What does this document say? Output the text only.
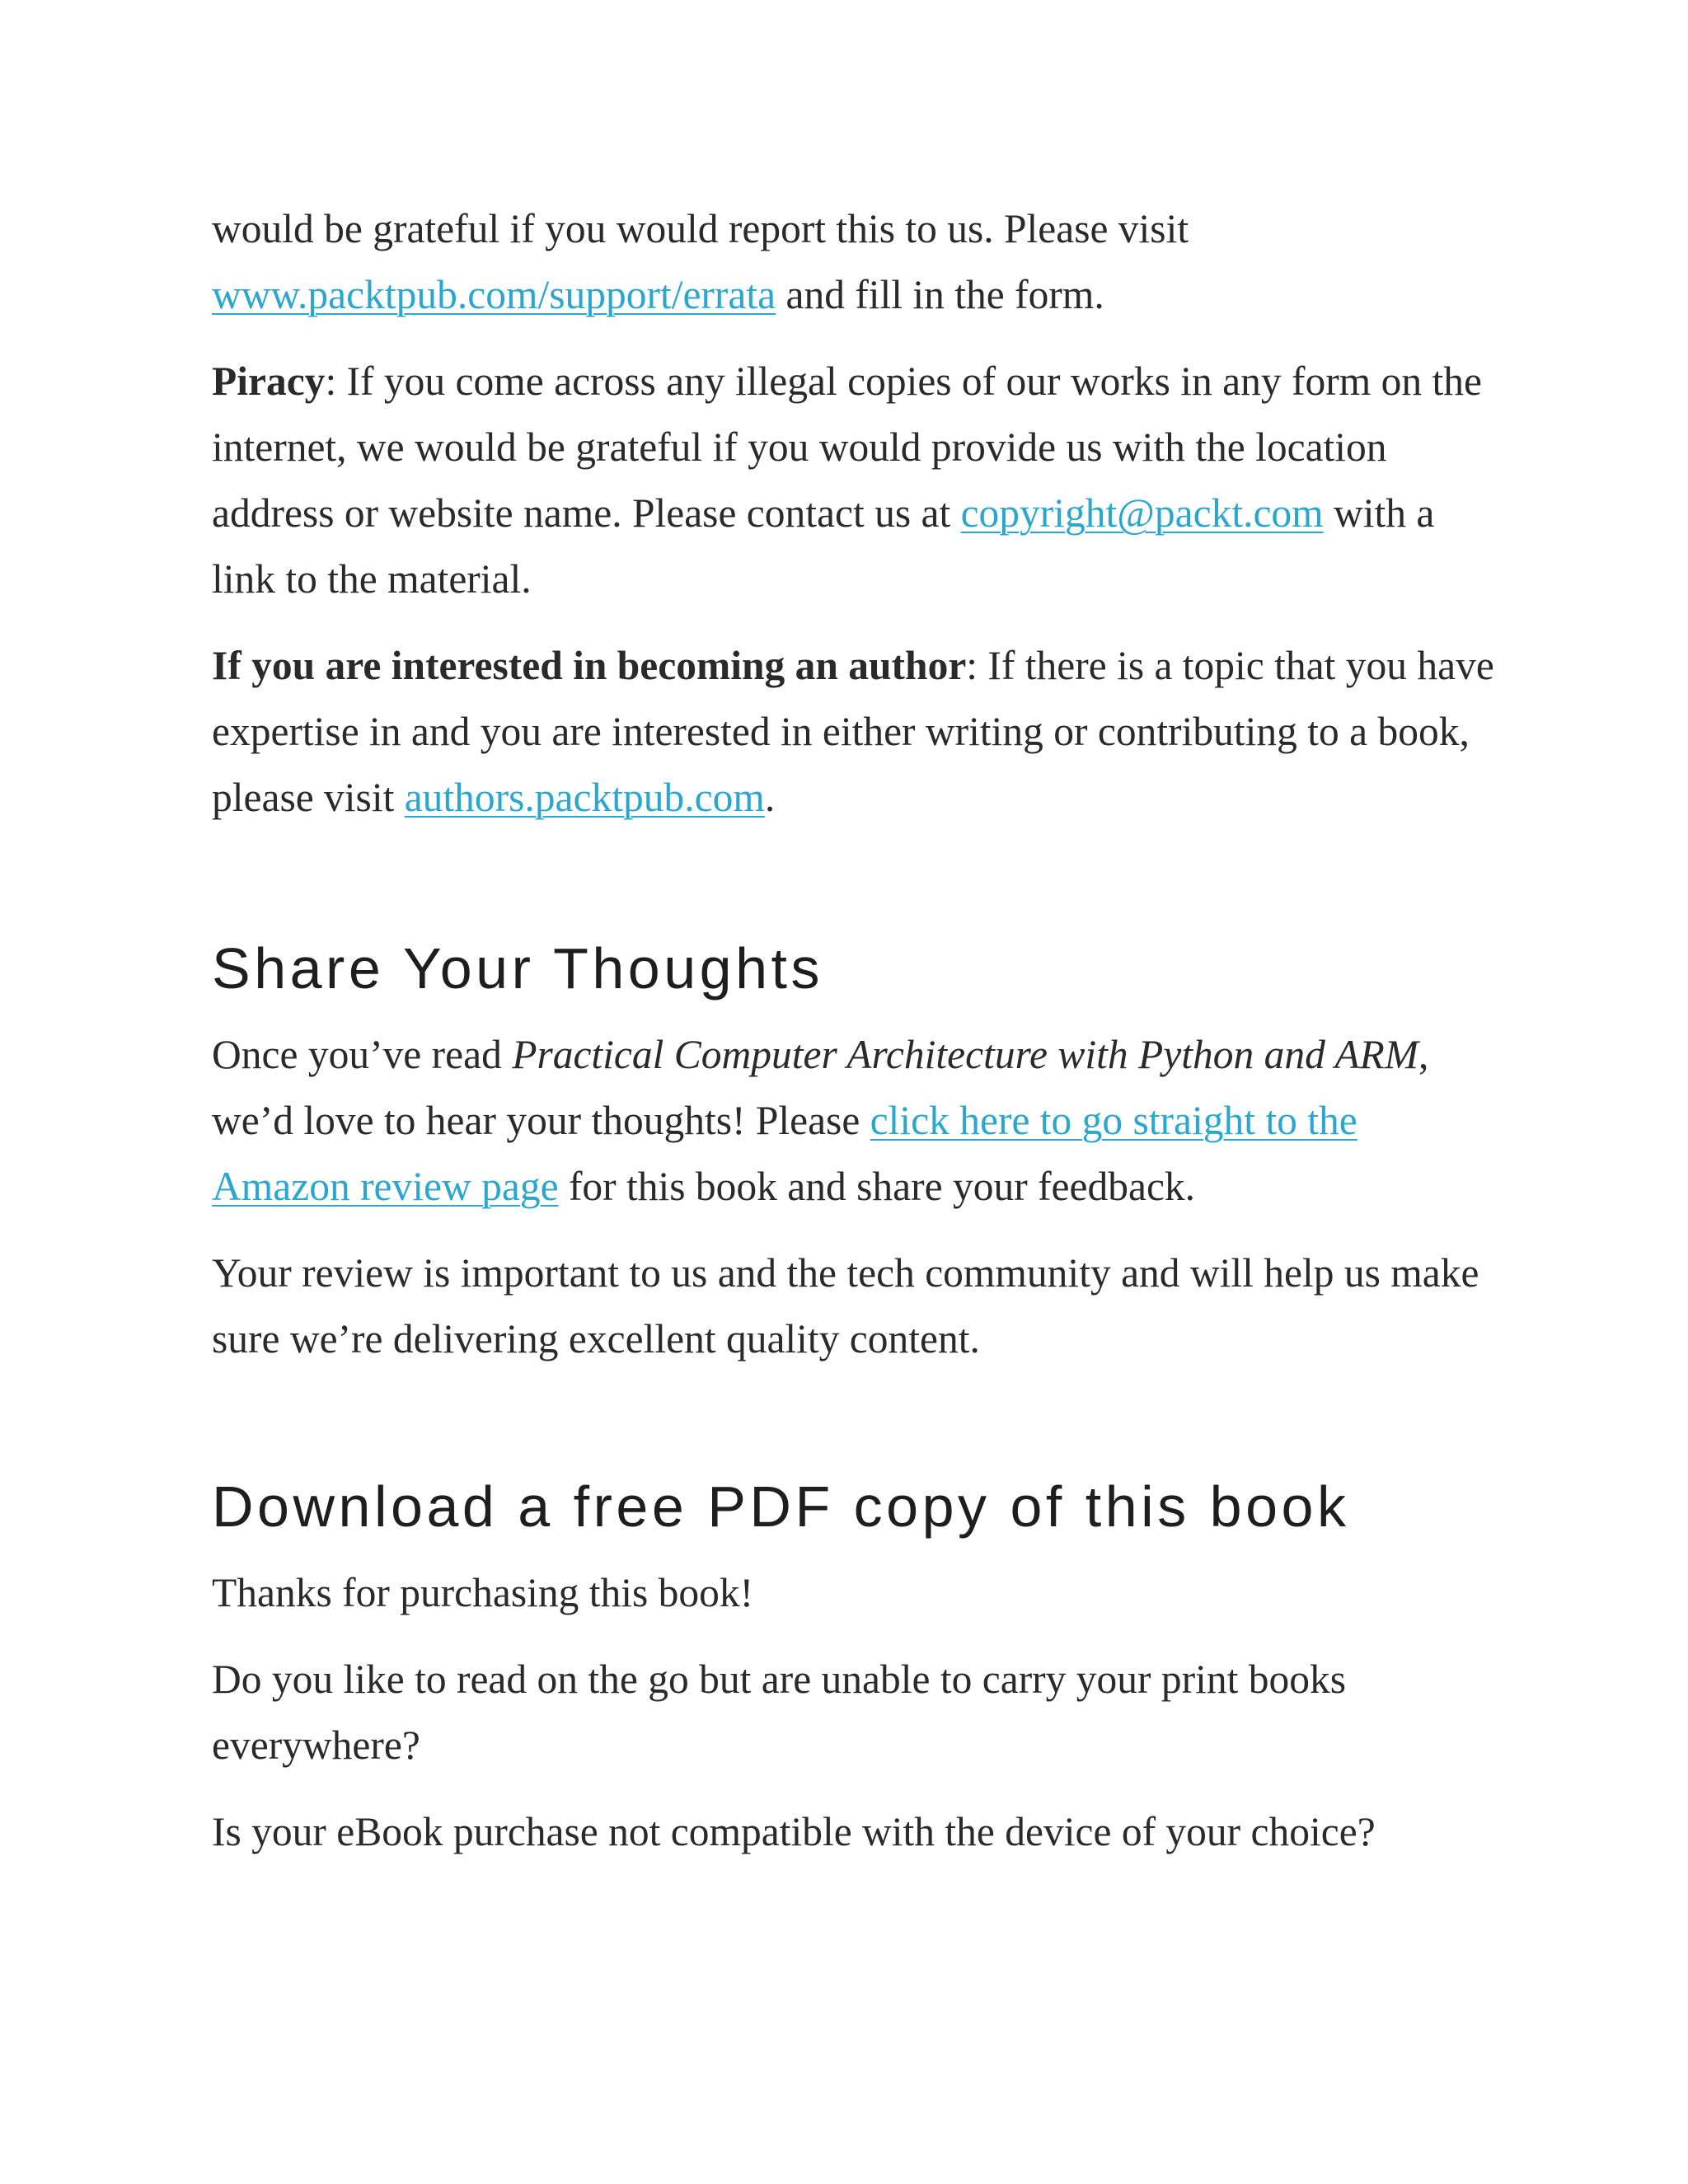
would be grateful if you would report this to us. Please visit www.packtpub.com/support/errata and fill in the form.

Piracy: If you come across any illegal copies of our works in any form on the internet, we would be grateful if you would provide us with the location address or website name. Please contact us at copyright@packt.com with a link to the material.

If you are interested in becoming an author: If there is a topic that you have expertise in and you are interested in either writing or contributing to a book, please visit authors.packtpub.com.

Share Your Thoughts

Once you’ve read Practical Computer Architecture with Python and ARM, we’d love to hear your thoughts! Please click here to go straight to the Amazon review page for this book and share your feedback.

Your review is important to us and the tech community and will help us make sure we’re delivering excellent quality content.

Download a free PDF copy of this book

Thanks for purchasing this book!

Do you like to read on the go but are unable to carry your print books everywhere?

Is your eBook purchase not compatible with the device of your choice?
